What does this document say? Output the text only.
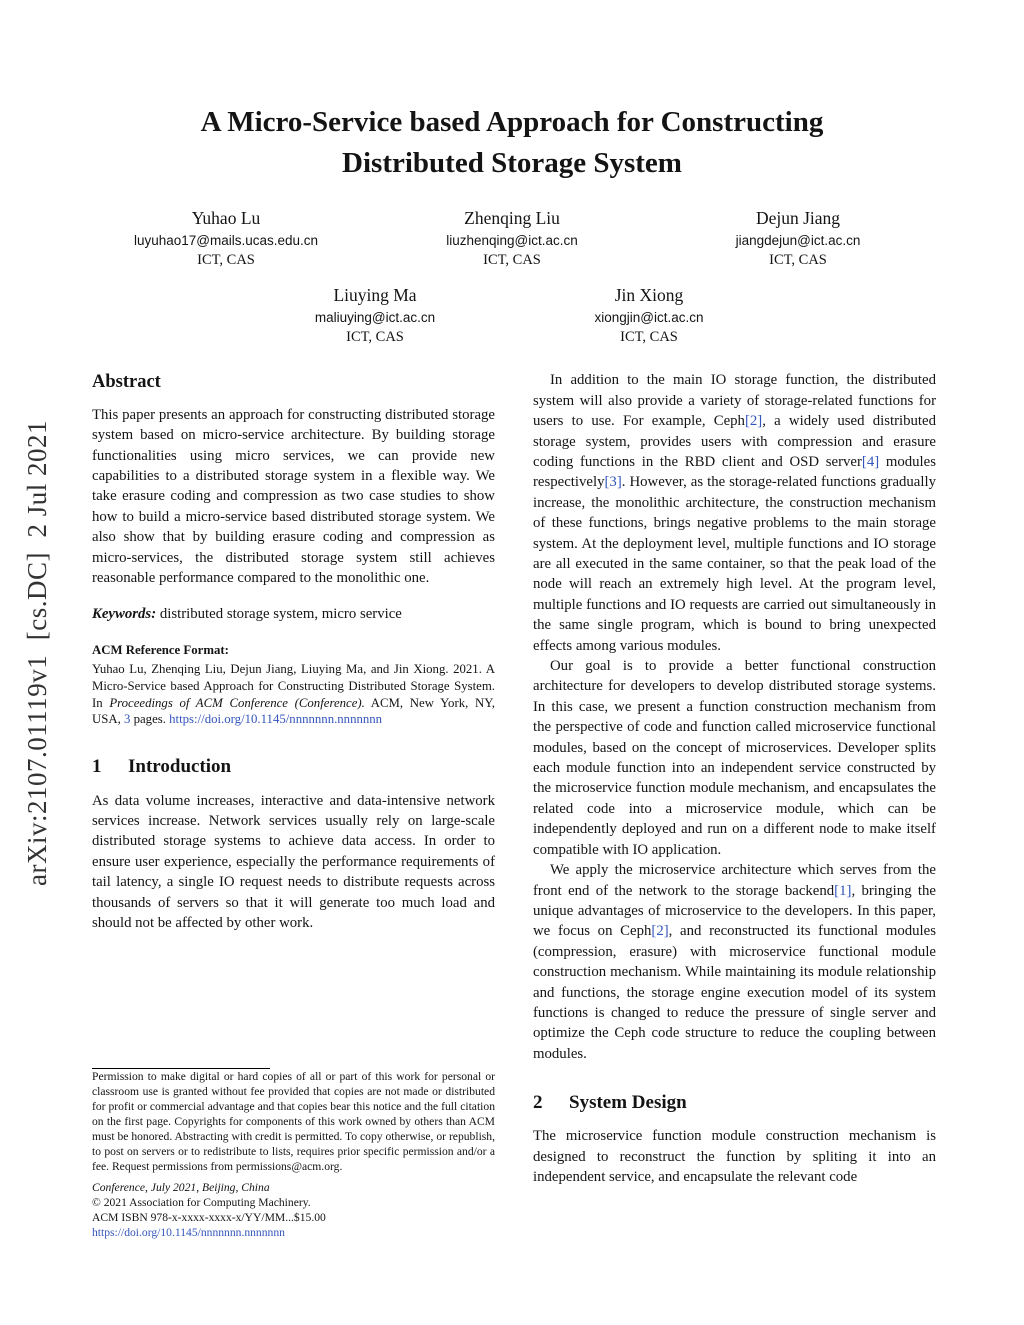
arXiv:2107.01119v1  [cs.DC]  2 Jul 2021
A Micro-Service based Approach for Constructing
Distributed Storage System
Yuhao Lu
luyuhao17@mails.ucas.edu.cn
ICT, CAS
Zhenqing Liu
liuzhenqing@ict.ac.cn
ICT, CAS
Dejun Jiang
jiangdejun@ict.ac.cn
ICT, CAS
Liuying Ma
maliuying@ict.ac.cn
ICT, CAS
Jin Xiong
xiongjin@ict.ac.cn
ICT, CAS
Abstract

This paper presents an approach for constructing distributed storage system based on micro-service architecture. By building storage functionalities using micro services, we can provide new capabilities to a distributed storage system in a flexible way. We take erasure coding and compression as two case studies to show how to build a micro-service based distributed storage system. We also show that by building erasure coding and compression as micro-services, the distributed storage system still achieves reasonable performance compared to the monolithic one.

Keywords: distributed storage system, micro service

ACM Reference Format:
Yuhao Lu, Zhenqing Liu, Dejun Jiang, Liuying Ma, and Jin Xiong. 2021. A Micro-Service based Approach for Constructing Distributed Storage System. In Proceedings of ACM Conference (Conference). ACM, New York, NY, USA, 3 pages. https://doi.org/10.1145/nnnnnnn.nnnnnnn
1 Introduction

As data volume increases, interactive and data-intensive network services increase. Network services usually rely on large-scale distributed storage systems to achieve data access. In order to ensure user experience, especially the performance requirements of tail latency, a single IO request needs to distribute requests across thousands of servers so that it will generate too much load and should not be affected by other work.

Permission to make digital or hard copies of all or part of this work for personal or classroom use is granted without fee provided that copies are not made or distributed for profit or commercial advantage and that copies bear this notice and the full citation on the first page. Copyrights for components of this work owned by others than ACM must be honored. Abstracting with credit is permitted. To copy otherwise, or republish, to post on servers or to redistribute to lists, requires prior specific permission and/or a fee. Request permissions from permissions@acm.org.

Conference, July 2021, Beijing, China
© 2021 Association for Computing Machinery.
ACM ISBN 978-x-xxxx-xxxx-x/YY/MM...$15.00
https://doi.org/10.1145/nnnnnnn.nnnnnnn

In addition to the main IO storage function, the distributed system will also provide a variety of storage-related functions for users to use. For example, Ceph[2], a widely used distributed storage system, provides users with compression and erasure coding functions in the RBD client and OSD server[4] modules respectively[3]. However, as the storage-related functions gradually increase, the monolithic architecture, the construction mechanism of these functions, brings negative problems to the main storage system. At the deployment level, multiple functions and IO storage are all executed in the same container, so that the peak load of the node will reach an extremely high level. At the program level, multiple functions and IO requests are carried out simultaneously in the same single program, which is bound to bring unexpected effects among various modules.

Our goal is to provide a better functional construction architecture for developers to develop distributed storage systems. In this case, we present a function construction mechanism from the perspective of code and function called microservice functional modules, based on the concept of microservices. Developer splits each module function into an independent service constructed by the microservice function module mechanism, and encapsulates the related code into a microservice module, which can be independently deployed and run on a different node to make itself compatible with IO application.

We apply the microservice architecture which serves from the front end of the network to the storage backend[1], bringing the unique advantages of microservice to the developers. In this paper, we focus on Ceph[2], and reconstructed its functional modules (compression, erasure) with microservice functional module construction mechanism. While maintaining its module relationship and functions, the storage engine execution model of its system functions is changed to reduce the pressure of single server and optimize the Ceph code structure to reduce the coupling between modules.

2 System Design

The microservice function module construction mechanism is designed to reconstruct the function by spliting it into an independent service, and encapsulate the relevant code
